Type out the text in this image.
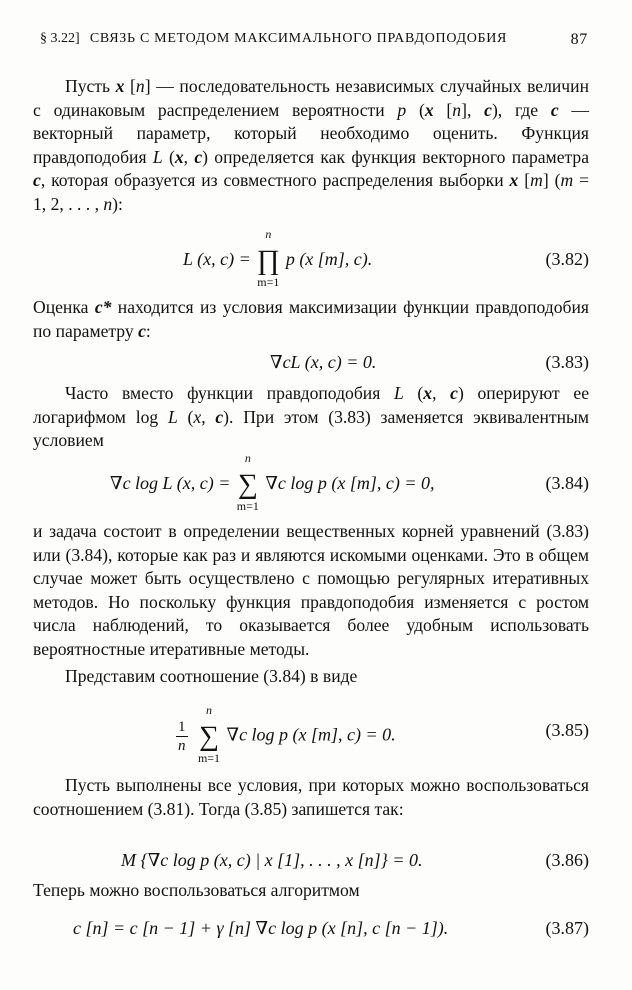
§ 3.22] СВЯЗЬ С МЕТОДОМ МАКСИМАЛЬНОГО ПРАВДОПОДОБИЯ	87

Пусть x [n] — последовательность независимых случайных величин с одинаковым распределением вероятности p (x [n], c), где c — векторный параметр, который необходимо оценить. Функция правдоподобия L (x, c) определяется как функция векторного параметра c, которая образуется из совместного распределения выборки x [m] (m = 1, 2, . . . , n):

L (x, c) =
n
∏
m=1
p (x [m], c).	(3.82)

Оценка c* находится из условия максимизации функции правдоподобия по параметру c:

∇cL (x, c) = 0.	(3.83)

Часто вместо функции правдоподобия L (x, c) оперируют ее логарифмом log L (x, c). При этом (3.83) заменяется эквивалентным условием

∇c log L (x, c) =
n
∑
m=1
∇c log p (x [m], c) = 0,	(3.84)

и задача состоит в определении вещественных корней уравнений (3.83) или (3.84), которые как раз и являются искомыми оценками. Это в общем случае может быть осуществлено с помощью регулярных итеративных методов. Но поскольку функция правдоподобия изменяется с ростом числа наблюдений, то оказывается более удобным использовать вероятностные итеративные методы.

Представим соотношение (3.84) в виде

$\frac{1}{n}$

n
∑
m=1
∇c log p (x [m], c) = 0.	(3.85)

Пусть выполнены все условия, при которых можно воспользоваться соотношением (3.81). Тогда (3.85) запишется так:

M {∇c log p (x, c) | x [1], . . . , x [n]} = 0.	(3.86)

Теперь можно воспользоваться алгоритмом

c [n] = c [n − 1] + γ [n] ∇c log p (x [n], c [n − 1]).	(3.87)
